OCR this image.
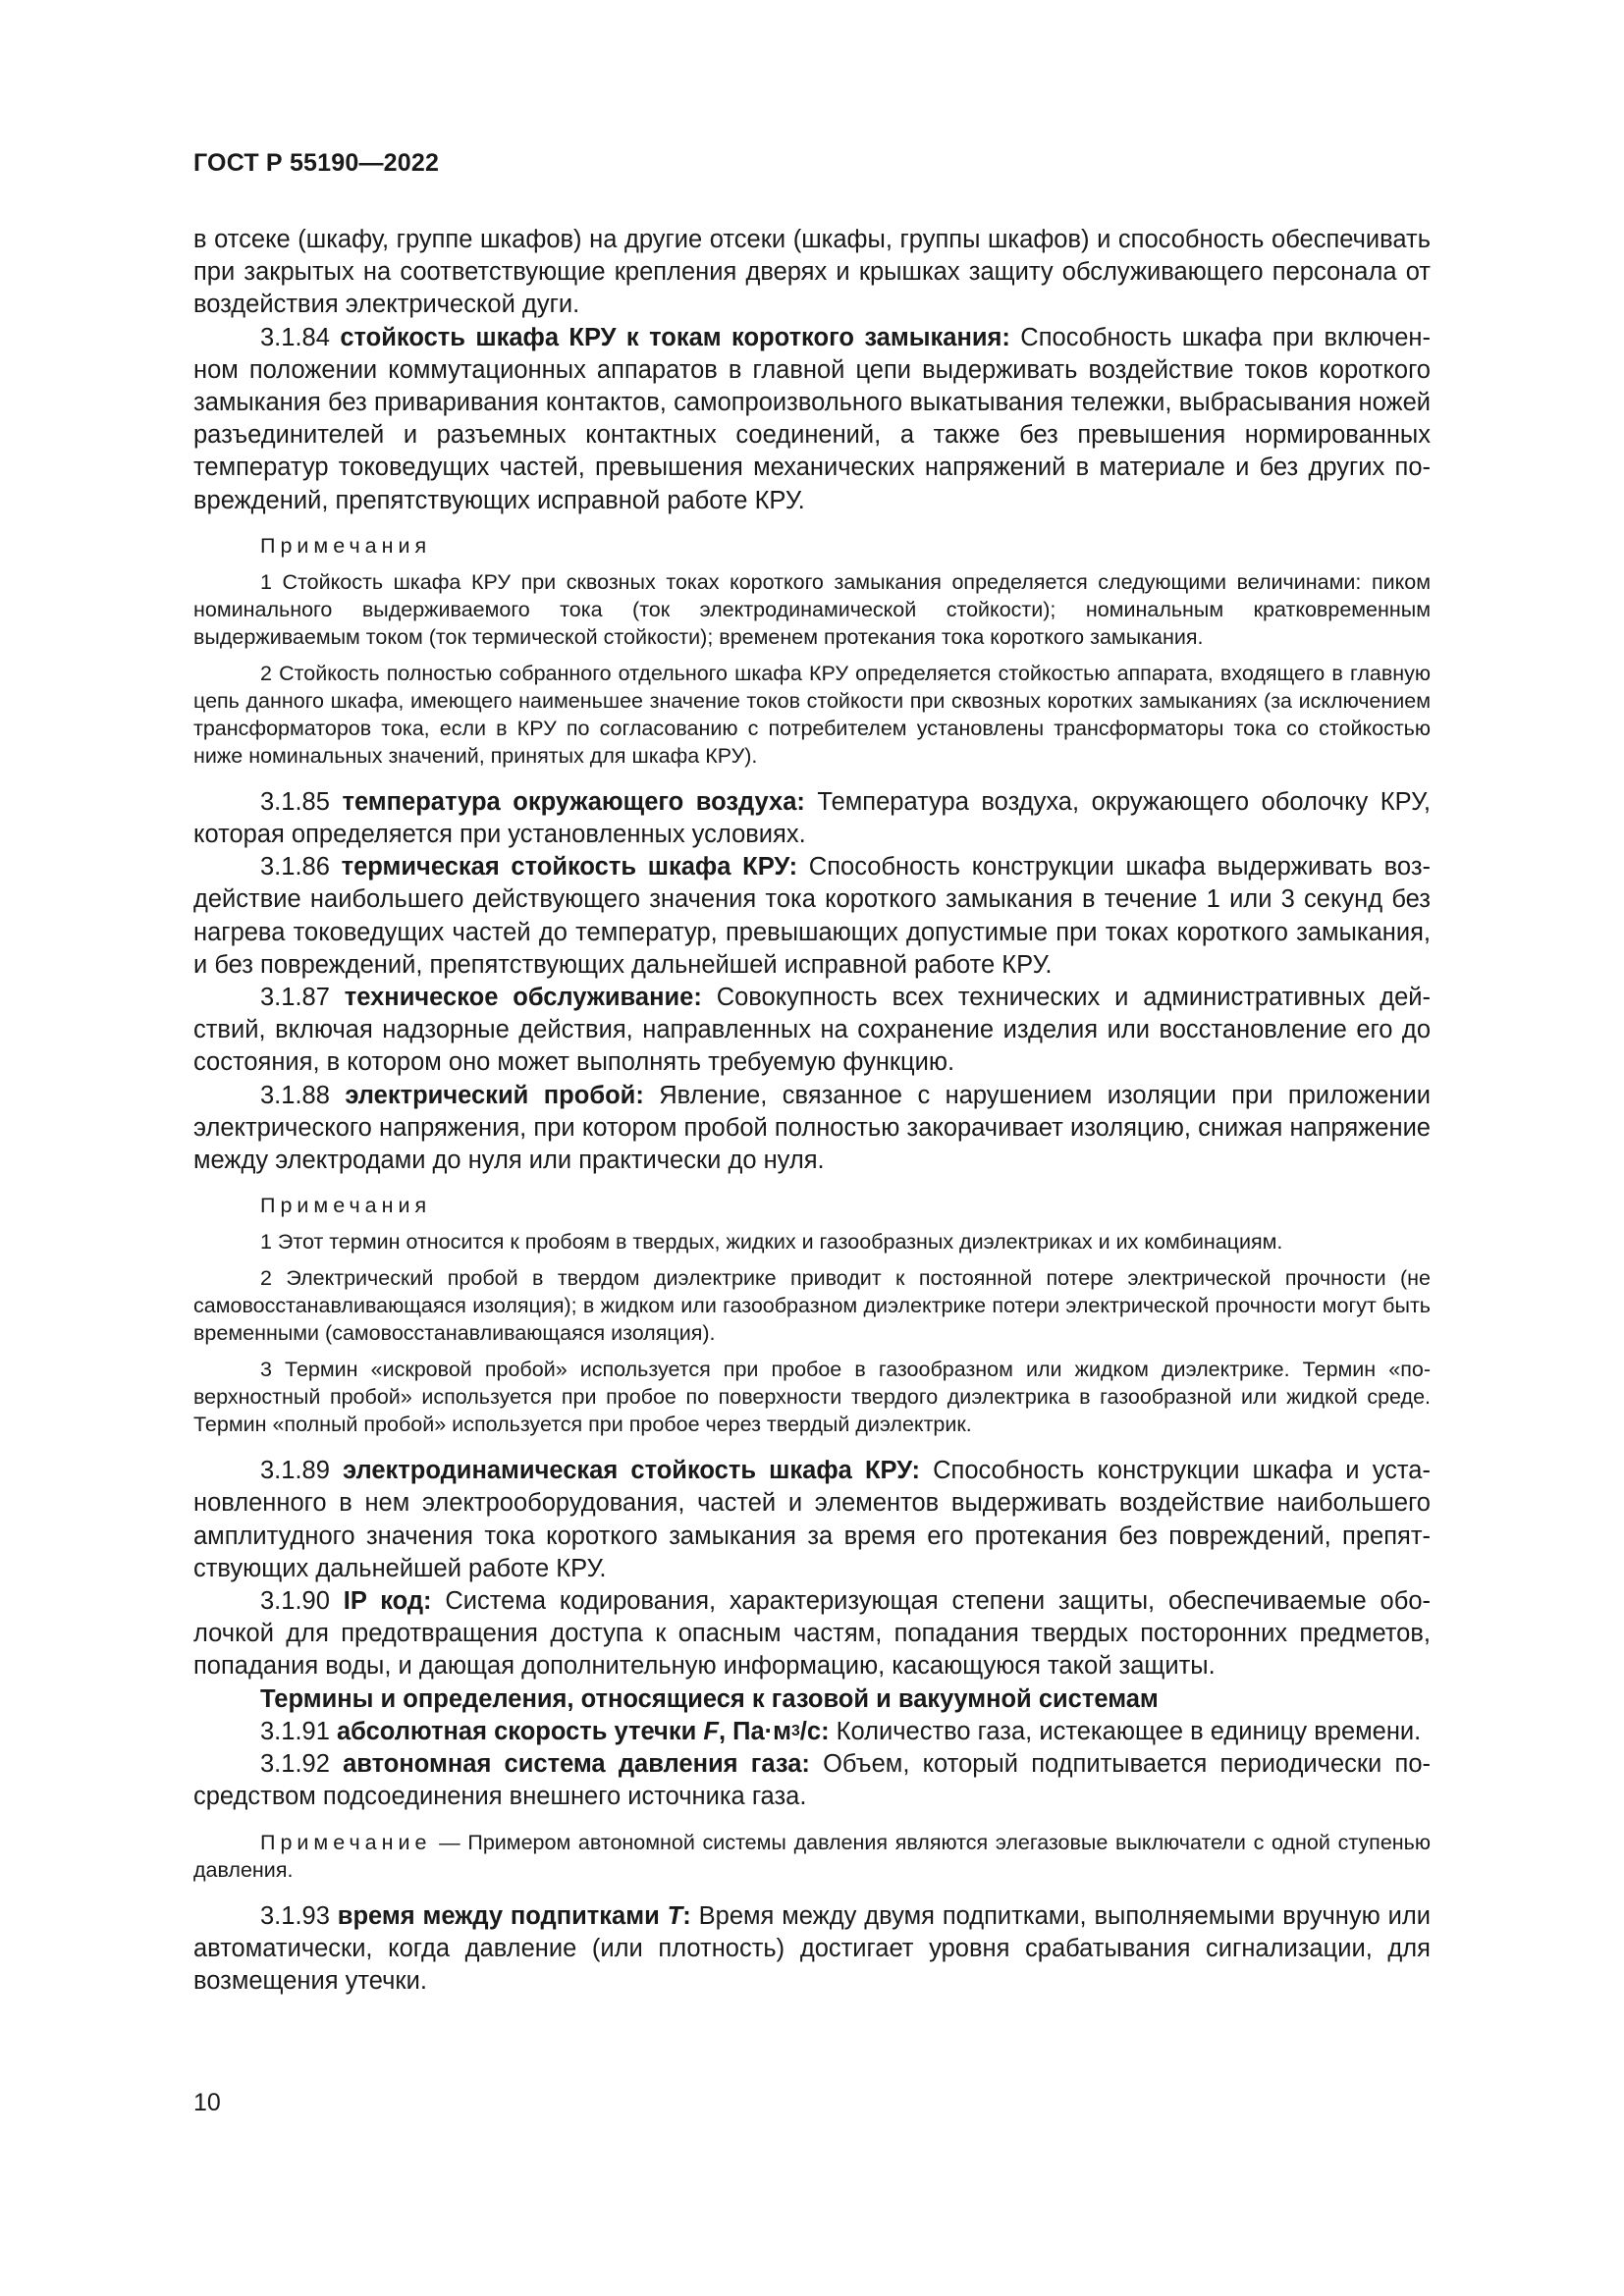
ГОСТ Р 55190—2022

в отсеке (шкафу, группе шкафов) на другие отсеки (шкафы, группы шкафов) и способность обеспечивать при закрытых на соответствующие крепления дверях и крышках защиту обслуживающего персонала от воздействия электрической дуги.

3.1.84 стойкость шкафа КРУ к токам короткого замыкания: Способность шкафа при включенном положении коммутационных аппаратов в главной цепи выдерживать воздействие токов короткого замыкания без приваривания контактов, самопроизвольного выкатывания тележки, выбрасывания ножей разъединителей и разъемных контактных соединений, а также без превышения нормированных температур токоведущих частей, превышения механических напряжений в материале и без других повреждений, препятствующих исправной работе КРУ.

Примечания
1 Стойкость шкафа КРУ при сквозных токах короткого замыкания определяется следующими величинами: пиком номинального выдерживаемого тока (ток электродинамической стойкости); номинальным кратковременным выдерживаемым током (ток термической стойкости); временем протекания тока короткого замыкания.
2 Стойкость полностью собранного отдельного шкафа КРУ определяется стойкостью аппарата, входящего в главную цепь данного шкафа, имеющего наименьшее значение токов стойкости при сквозных коротких замыканиях (за исключением трансформаторов тока, если в КРУ по согласованию с потребителем установлены трансформаторы тока со стойкостью ниже номинальных значений, принятых для шкафа КРУ).

3.1.85 температура окружающего воздуха: Температура воздуха, окружающего оболочку КРУ, которая определяется при установленных условиях.

3.1.86 термическая стойкость шкафа КРУ: Способность конструкции шкафа выдерживать воздействие наибольшего действующего значения тока короткого замыкания в течение 1 или 3 секунд без нагрева токоведущих частей до температур, превышающих допустимые при токах короткого замыкания, и без повреждений, препятствующих дальнейшей исправной работе КРУ.

3.1.87 техническое обслуживание: Совокупность всех технических и административных действий, включая надзорные действия, направленных на сохранение изделия или восстановление его до состояния, в котором оно может выполнять требуемую функцию.

3.1.88 электрический пробой: Явление, связанное с нарушением изоляции при приложении электрического напряжения, при котором пробой полностью закорачивает изоляцию, снижая напряжение между электродами до нуля или практически до нуля.

Примечания
1 Этот термин относится к пробоям в твердых, жидких и газообразных диэлектриках и их комбинациям.
2 Электрический пробой в твердом диэлектрике приводит к постоянной потере электрической прочности (не самовосстанавливающаяся изоляция); в жидком или газообразном диэлектрике потери электрической прочности могут быть временными (самовосстанавливающаяся изоляция).
3 Термин «искровой пробой» используется при пробое в газообразном или жидком диэлектрике. Термин «поверхностный пробой» используется при пробое по поверхности твердого диэлектрика в газообразной или жидкой среде. Термин «полный пробой» используется при пробое через твердый диэлектрик.

3.1.89 электродинамическая стойкость шкафа КРУ: Способность конструкции шкафа и установленного в нем электрооборудования, частей и элементов выдерживать воздействие наибольшего амплитудного значения тока короткого замыкания за время его протекания без повреждений, препятствующих дальнейшей работе КРУ.

3.1.90 IP код: Система кодирования, характеризующая степени защиты, обеспечиваемые оболочкой для предотвращения доступа к опасным частям, попадания твердых посторонних предметов, попадания воды, и дающая дополнительную информацию, касающуюся такой защиты.

Термины и определения, относящиеся к газовой и вакуумной системам

3.1.91 абсолютная скорость утечки F, $Па\cdot м^3/с$: Количество газа, истекающее в единицу времени.

3.1.92 автономная система давления газа: Объем, который подпитывается периодически посредством подсоединения внешнего источника газа.

Примечание — Примером автономной системы давления являются элегазовые выключатели с одной ступенью давления.

3.1.93 время между подпитками T: Время между двумя подпитками, выполняемыми вручную или автоматически, когда давление (или плотность) достигает уровня срабатывания сигнализации, для возмещения утечки.

10
